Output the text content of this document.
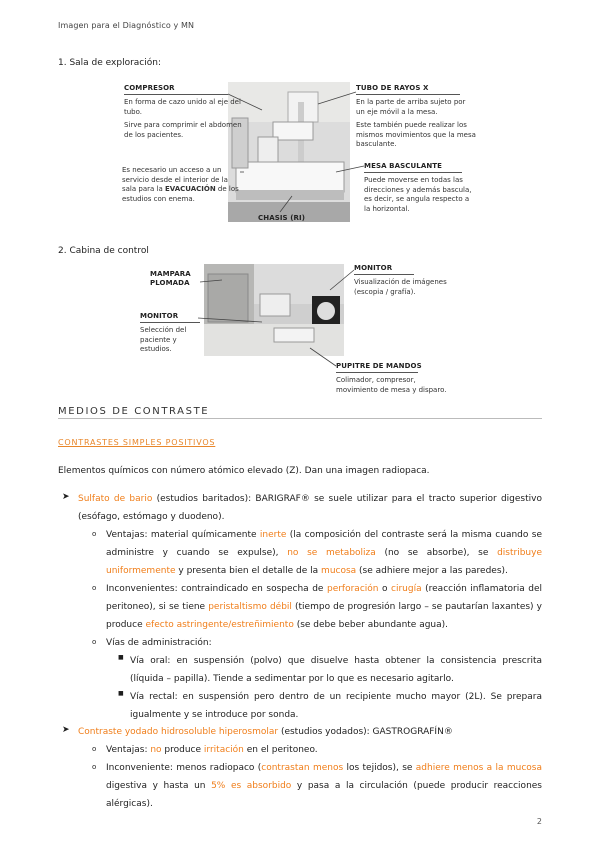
Imagen para el Diagnóstico y MN
1. Sala de exploración:
COMPRESOR
En forma de cazo unido al eje del tubo.
Sirve para comprimir el abdomen de los pacientes.
Es necesario un acceso a un servicio desde el interior de la sala para la EVACUACIÓN de los estudios con enema.
TUBO DE RAYOS X
En la parte de arriba sujeto por un eje móvil a la mesa.
Este también puede realizar los mismos movimientos que la mesa basculante.
MESA BASCULANTE
Puede moverse en todas las direcciones y además bascula, es decir, se angula respecto a la horizontal.
CHASIS (RI)
2. Cabina de control
MAMPARA PLOMADA
MONITOR
Selección del paciente y estudios.
MONITOR
Visualización de imágenes (escopia / grafía).
PUPITRE DE MANDOS
Colimador, compresor, movimiento de mesa y disparo.
MEDIOS DE CONTRASTE
CONTRASTES SIMPLES POSITIVOS
Elementos químicos con número atómico elevado (Z). Dan una imagen radiopaca.
➤ Sulfato de bario (estudios baritados): BARIGRAF® se suele utilizar para el tracto superior digestivo (esófago, estómago y duodeno).
o Ventajas: material químicamente inerte (la composición del contraste será la misma cuando se administre y cuando se expulse), no se metaboliza (no se absorbe), se distribuye uniformemente y presenta bien el detalle de la mucosa (se adhiere mejor a las paredes).
o Inconvenientes: contraindicado en sospecha de perforación o cirugía (reacción inflamatoria del peritoneo), si se tiene peristaltismo débil (tiempo de progresión largo – se pautarían laxantes) y produce efecto astringente/estreñimiento (se debe beber abundante agua).
o Vías de administración:
■ Vía oral: en suspensión (polvo) que disuelve hasta obtener la consistencia prescrita (líquida – papilla). Tiende a sedimentar por lo que es necesario agitarlo.
■ Vía rectal: en suspensión pero dentro de un recipiente mucho mayor (2L). Se prepara igualmente y se introduce por sonda.
➤ Contraste yodado hidrosoluble hiperosmolar (estudios yodados): GASTROGRAFÍN®
o Ventajas: no produce irritación en el peritoneo.
o Inconveniente: menos radiopaco (contrastan menos los tejidos), se adhiere menos a la mucosa digestiva y hasta un 5% es absorbido y pasa a la circulación (puede producir reacciones alérgicas).
2
